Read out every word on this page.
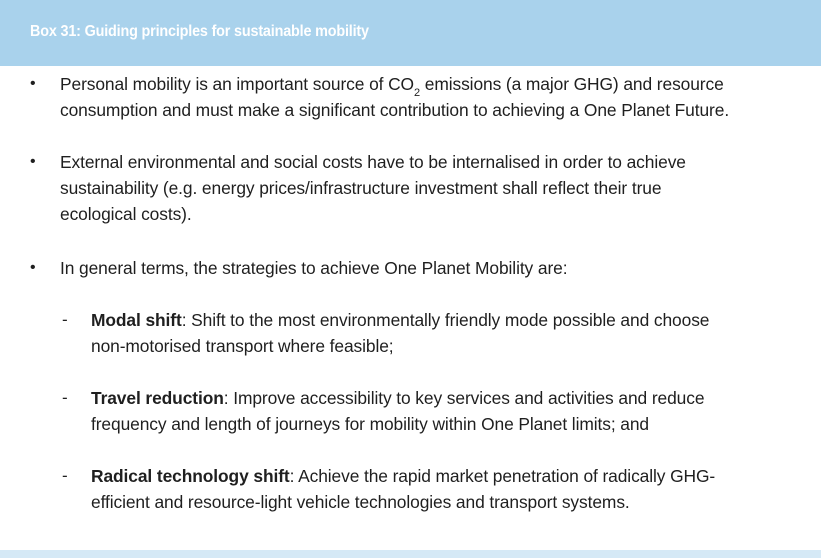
Box 31: Guiding principles for sustainable mobility
• Personal mobility is an important source of $CO_2$ emissions (a major GHG) and resource
consumption and must make a significant contribution to achieving a One Planet Future.
• External environmental and social costs have to be internalised in order to achieve
sustainability (e.g. energy prices/infrastructure investment shall reflect their true
ecological costs).
• In general terms, the strategies to achieve One Planet Mobility are:
- Modal shift: Shift to the most environmentally friendly mode possible and choose
non-motorised transport where feasible;
- Travel reduction: Improve accessibility to key services and activities and reduce
frequency and length of journeys for mobility within One Planet limits; and
- Radical technology shift: Achieve the rapid market penetration of radically GHG-
efficient and resource-light vehicle technologies and transport systems.
